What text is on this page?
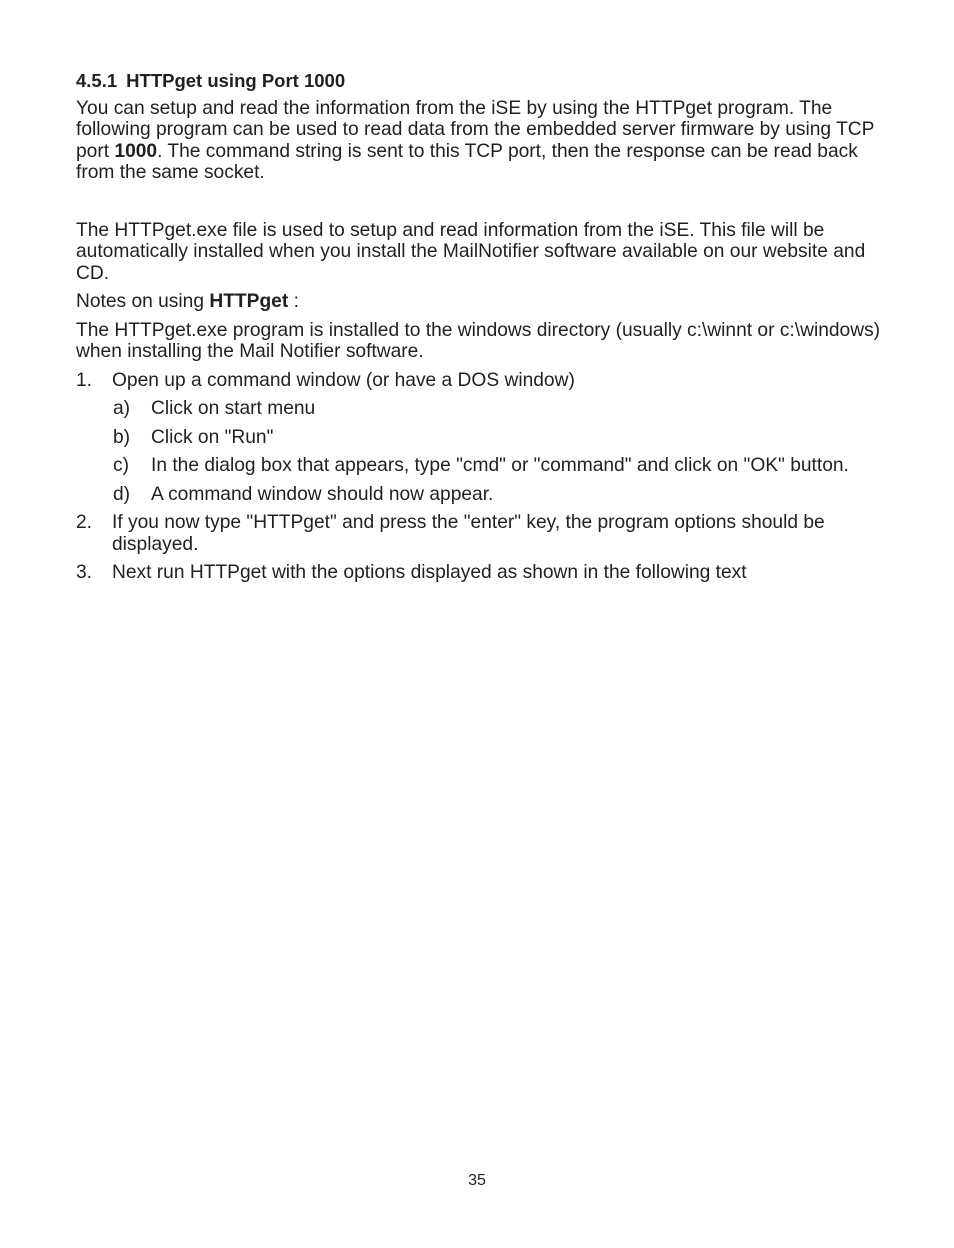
4.5.1 HTTPget using Port 1000

You can setup and read the information from the iSE by using the HTTPget program. The following program can be used to read data from the embedded server firmware by using TCP port 1000. The command string is sent to this TCP port, then the response can be read back from the same socket.

The HTTPget.exe file is used to setup and read information from the iSE. This file will be automatically installed when you install the MailNotifier software available on our website and CD.

Notes on using HTTPget :

The HTTPget.exe program is installed to the windows directory (usually c:\winnt or c:\windows) when installing the Mail Notifier software.

1.	Open up a command window (or have a DOS window)
a)	Click on start menu
b)	Click on "Run"
c)	In the dialog box that appears, type "cmd" or "command" and click on "OK" button.
d)	A command window should now appear.
2.	If you now type "HTTPget" and press the "enter" key, the program options should be displayed.
3.	Next run HTTPget with the options displayed as shown in the following text
35
